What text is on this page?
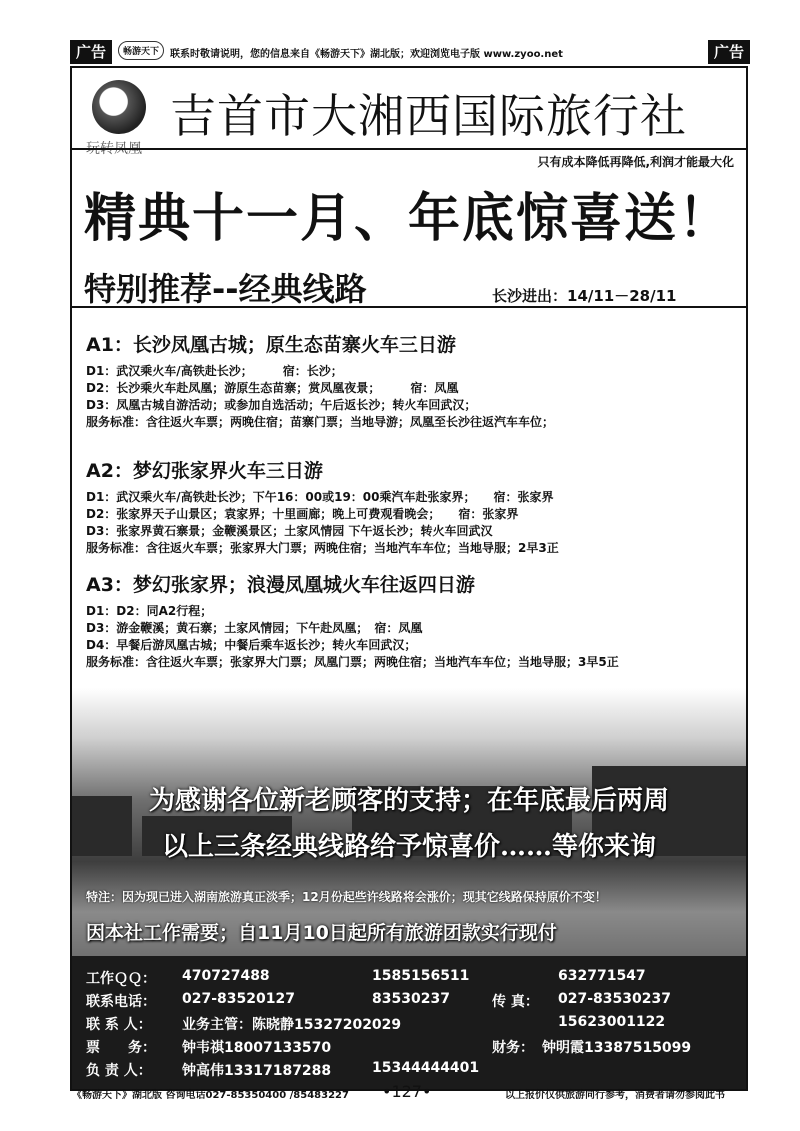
广告	畅游天下	联系时敬请说明，您的信息来自《畅游天下》湖北版；欢迎浏览电子版 www.zyoo.net	广告
玩转凤凰
吉首市大湘西国际旅行社
只有成本降低再降低,利润才能最大化
精典十一月、年底惊喜送！
特别推荐--经典线路	长沙进出：14/11－28/11
A1：长沙凤凰古城；原生态苗寨火车三日游
D1：武汉乘火车/高铁赴长沙；　　　宿：长沙；
D2：长沙乘火车赴凤凰；游原生态苗寨；赏凤凰夜景；　　　宿：凤凰
D3：凤凰古城自游活动；或参加自选活动；午后返长沙；转火车回武汉；
服务标准：含往返火车票；两晚住宿；苗寨门票；当地导游；凤凰至长沙往返汽车车位；
A2：梦幻张家界火车三日游
D1：武汉乘火车/高铁赴长沙；下午16：00或19：00乘汽车赴张家界；　　宿：张家界
D2：张家界天子山景区；袁家界；十里画廊；晚上可费观看晚会；　　宿：张家界
D3：张家界黄石寨景；金鞭溪景区；土家风情园 下午返长沙；转火车回武汉
服务标准：含往返火车票；张家界大门票；两晚住宿；当地汽车车位；当地导服；2早3正
A3：梦幻张家界；浪漫凤凰城火车往返四日游
D1：D2：同A2行程；
D3：游金鞭溪；黄石寨；土家风情园；下午赴凤凰；　宿：凤凰
D4：早餐后游凤凰古城；中餐后乘车返长沙；转火车回武汉；
服务标准：含往返火车票；张家界大门票；凤凰门票；两晚住宿；当地汽车车位；当地导服；3早5正
为感谢各位新老顾客的支持；在年底最后两周
以上三条经典线路给予惊喜价……等你来询
特注：因为现已进入湖南旅游真正淡季；12月份起些许线路将会涨价；现其它线路保持原价不变！
因本社工作需要；自11月10日起所有旅游团款实行现付
工作ＱＱ： 470727488	1585156511	632771547
联系电话： 027-83520127	83530237	传 真： 027-83530237
联 系 人： 业务主管：陈晓静15327202029	15623001122
票　　务： 钟韦祺18007133570	财务： 钟明霞13387515099
负 责 人： 钟高伟13317187288	15344444401
《畅游天下》湖北版 咨询电话027-85350400 /85483227 •127•	以上报价仅供旅游同行参考，消费者请勿参阅此书
